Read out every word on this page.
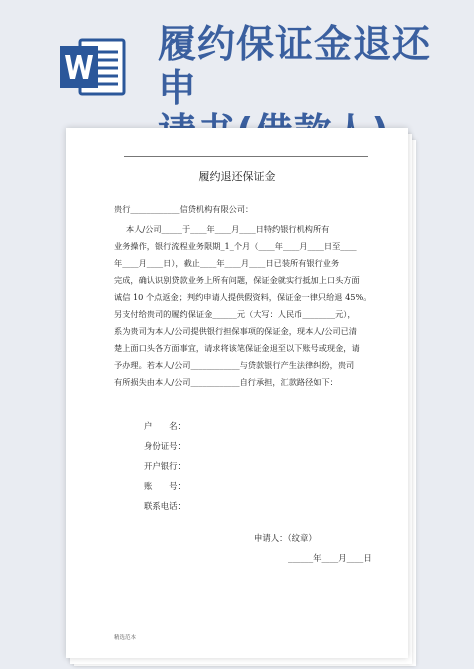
履约保证金退还申
履约退还保证金
贵行____________信贷机构有限公司：
本人/公司_____于____年____月____日特约银行机构所有
业务操作，银行流程业务限期_1_个月（____年____月____日至____
年____月____日），截止____年____月____日已装所有银行业务
完成，确认识别贷款业务上所有问题，保证金就实行抵加上口头方面
诚信 10 个点返金；判约申请人提供假资料，保证金一律只给退 45%。
另支付给贵司的履约保证金______元（大写：人民币________元），
系为贵司为本人/公司提供银行担保事项的保证金，现本人/公司已清
楚上面口头各方面事宜，请求将该笔保证金退至以下账号或现金，请
予办理。若本人/公司____________与贷款银行产生法律纠纷，贵司
有所损失由本人/公司____________自行承担，汇款路径如下：
户　　名：
身份证号：
开户银行：
账　　号：
联系电话：
申请人：（纹章）
______年____月____日
精选范本
